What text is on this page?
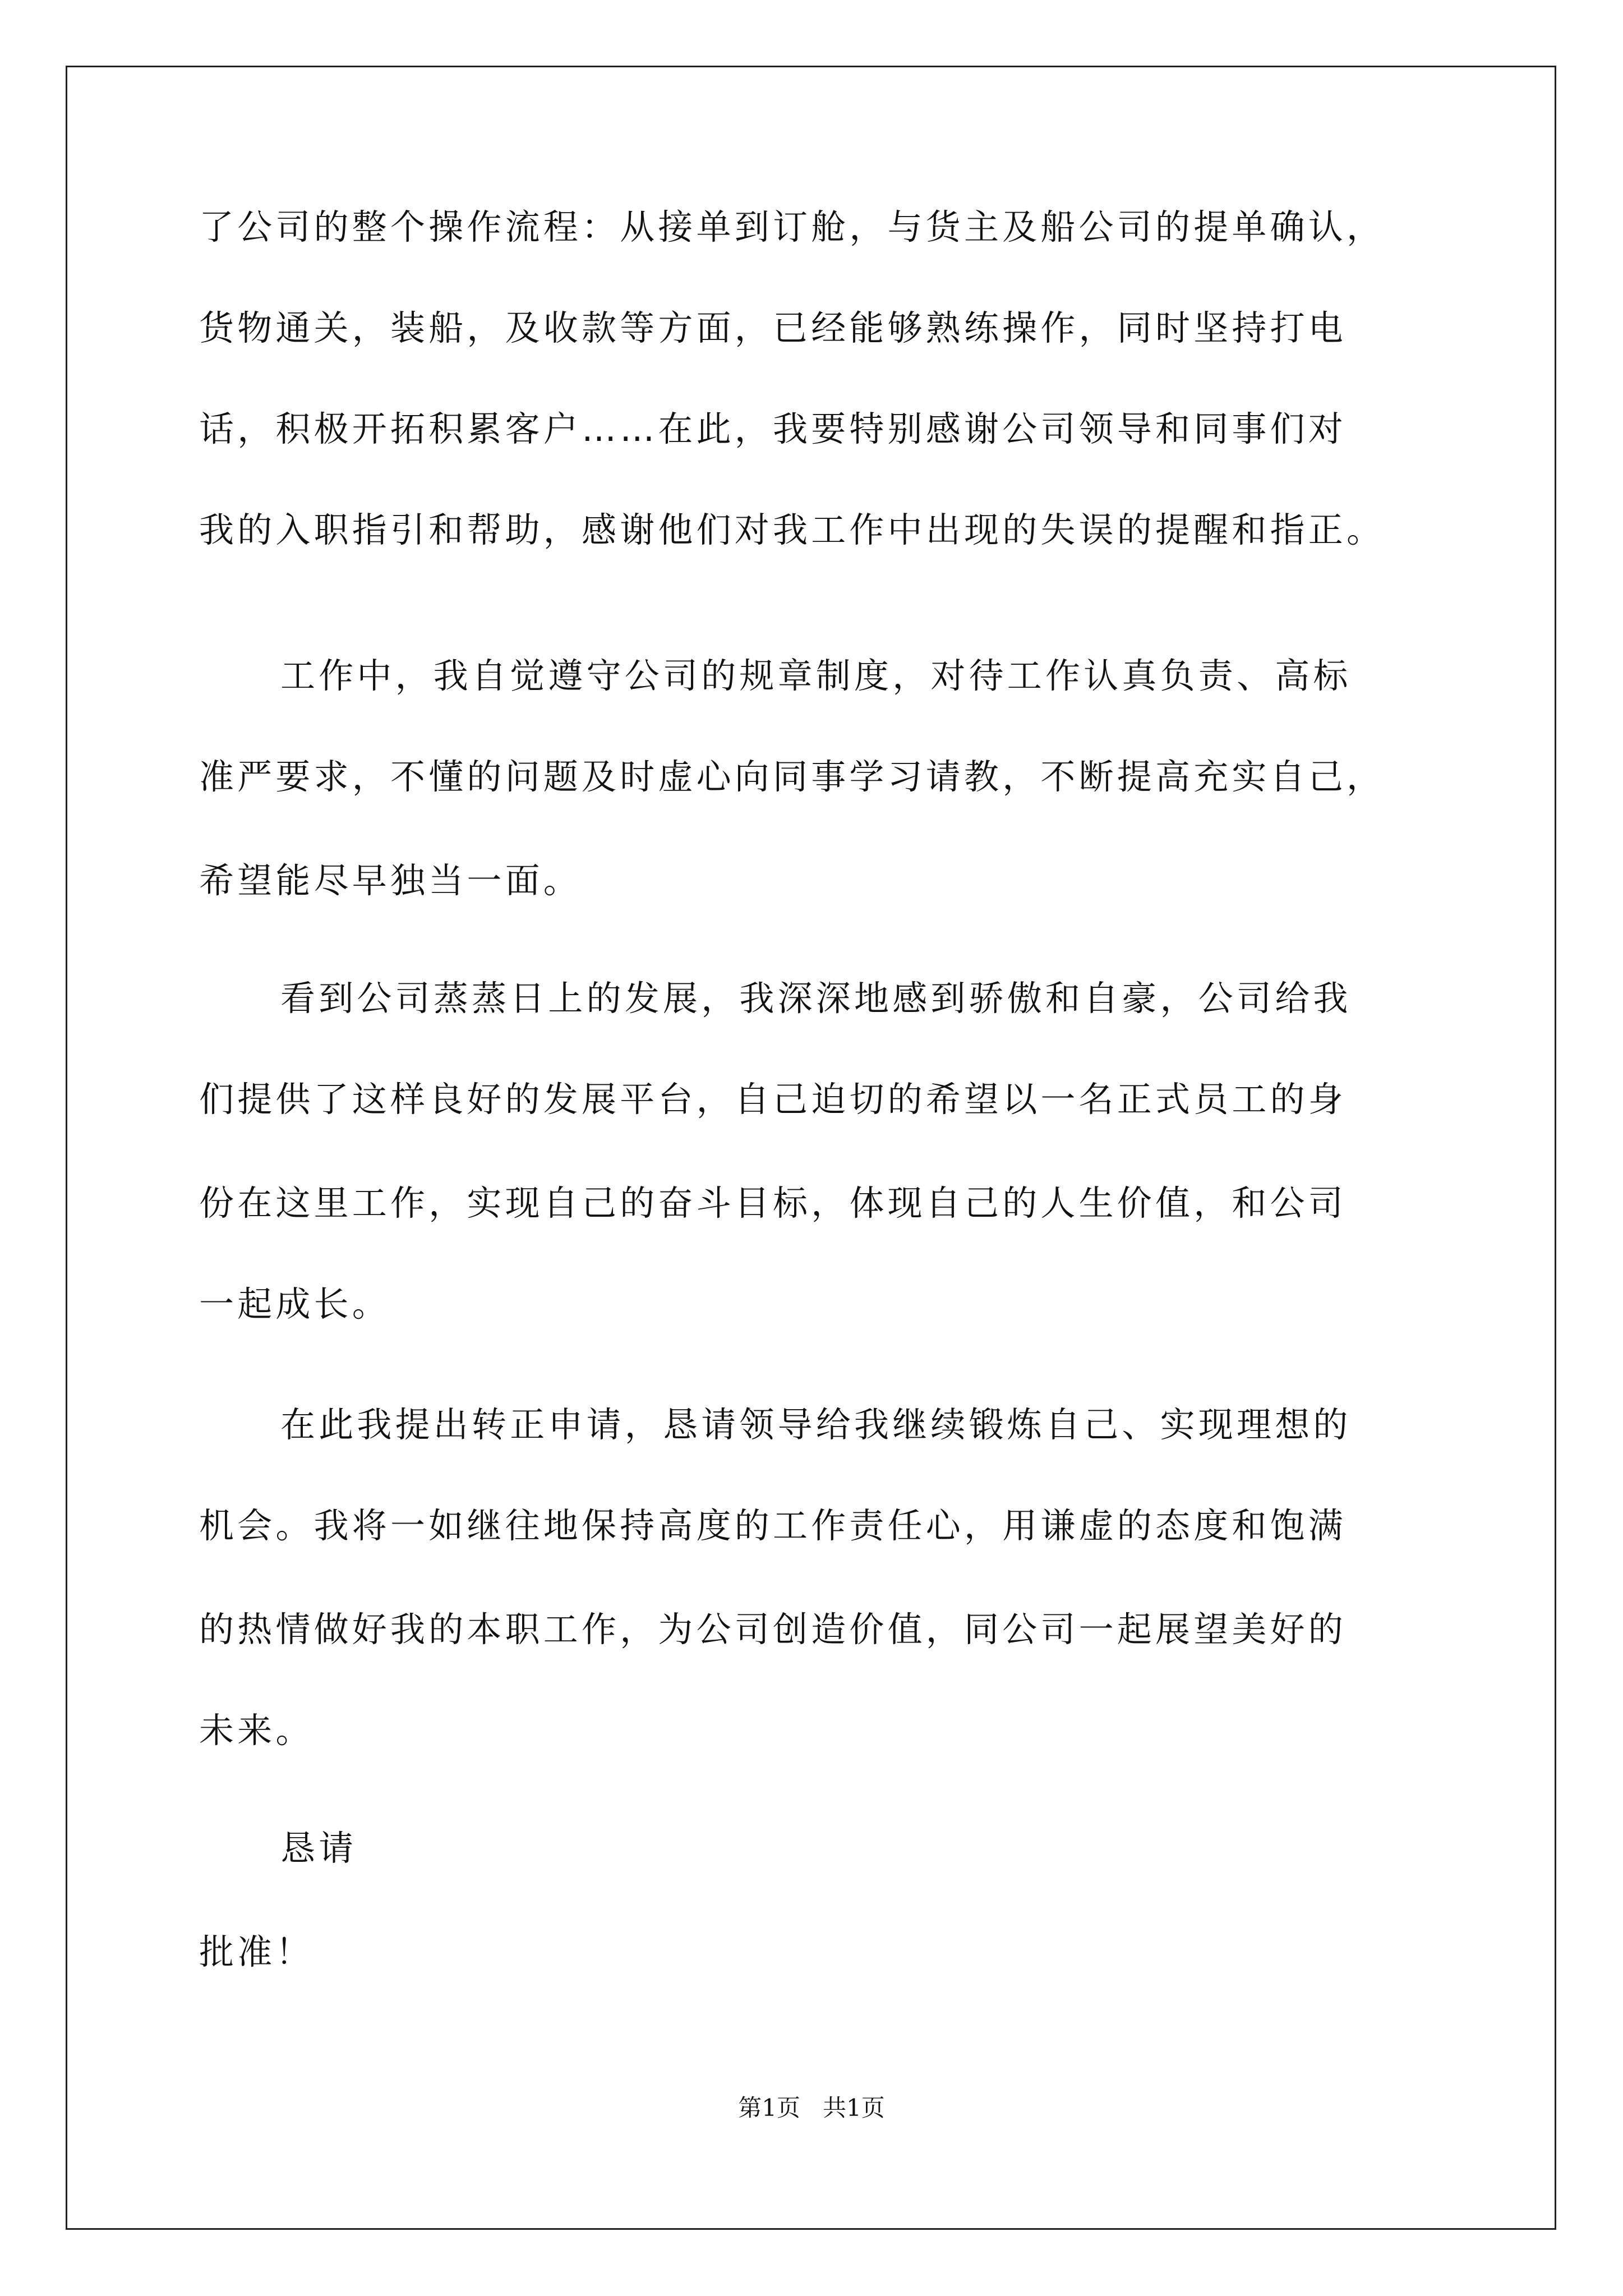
了公司的整个操作流程：从接单到订舱，与货主及船公司的提单确认，
货物通关，装船，及收款等方面，已经能够熟练操作，同时坚持打电
话，积极开拓积累客户……在此，我要特别感谢公司领导和同事们对
我的入职指引和帮助，感谢他们对我工作中出现的失误的提醒和指正。
工作中，我自觉遵守公司的规章制度，对待工作认真负责、高标
准严要求，不懂的问题及时虚心向同事学习请教，不断提高充实自己，
希望能尽早独当一面。
看到公司蒸蒸日上的发展，我深深地感到骄傲和自豪，公司给我
们提供了这样良好的发展平台，自己迫切的希望以一名正式员工的身
份在这里工作，实现自己的奋斗目标，体现自己的人生价值，和公司
一起成长。
在此我提出转正申请，恳请领导给我继续锻炼自己、实现理想的
机会。我将一如继往地保持高度的工作责任心，用谦虚的态度和饱满
的热情做好我的本职工作，为公司创造价值，同公司一起展望美好的
未来。
恳请
批准！
第1页   共1页
